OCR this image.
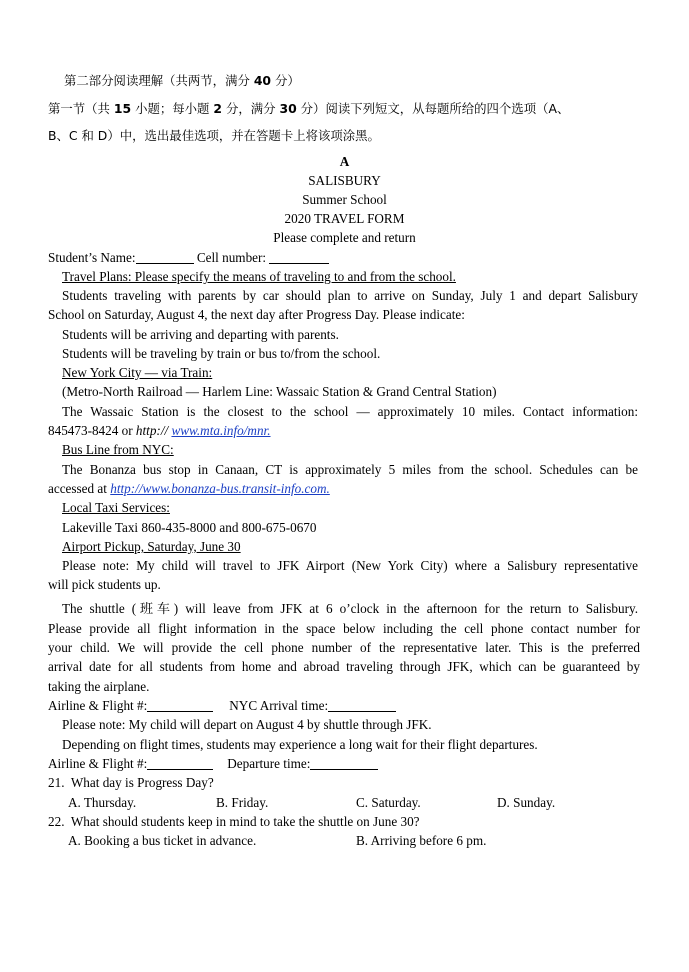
第二部分阅读理解（共两节，满分 40 分）
第一节（共 15 小题；每小题 2 分，满分 30 分）阅读下列短文，从每题所给的四个选项（A、
B、C 和 D）中，选出最佳选项，并在答题卡上将该项涂黑。
A
SALISBURY
Summer School
2020 TRAVEL FORM
Please complete and return
Student’s Name:	Cell number:
Travel Plans: Please specify the means of traveling to and from the school.
Students traveling with parents by car should plan to arrive on Sunday, July 1 and depart Salisbury
School on Saturday, August 4, the next day after Progress Day. Please indicate:
Students will be arriving and departing with parents.
Students will be traveling by train or bus to/from the school.
New York City — via Train:
(Metro-North Railroad — Harlem Line: Wassaic Station & Grand Central Station)
The Wassaic Station is the closest to the school — approximately 10 miles. Contact information:
845473-8424 or http:// www.mta.info/mnr.
Bus Line from NYC:
The Bonanza bus stop in Canaan, CT is approximately 5 miles from the school. Schedules can be
accessed at http://www.bonanza-bus.transit-info.com.
Local Taxi Services:
Lakeville Taxi 860-435-8000 and 800-675-0670
Airport Pickup, Saturday, June 30
Please note: My child will travel to JFK Airport (New York City) where a Salisbury representative
will pick students up.
The shuttle (班车) will leave from JFK at 6 o’clock in the afternoon for the return to Salisbury.
Please provide all flight information in the space below including the cell phone contact number for
your child. We will provide the cell phone number of the representative later. This is the preferred
arrival date for all students from home and abroad traveling through JFK, which can be guaranteed by
taking the airplane.
Airline & Flight #:	NYC Arrival time:
Please note: My child will depart on August 4 by shuttle through JFK.
Depending on flight times, students may experience a long wait for their flight departures.
Airline & Flight #:	Departure time:
21. What day is Progress Day?
A. Thursday.	B. Friday.	C. Saturday.	D. Sunday.
22. What should students keep in mind to take the shuttle on June 30?
A. Booking a bus ticket in advance.	B. Arriving before 6 pm.
